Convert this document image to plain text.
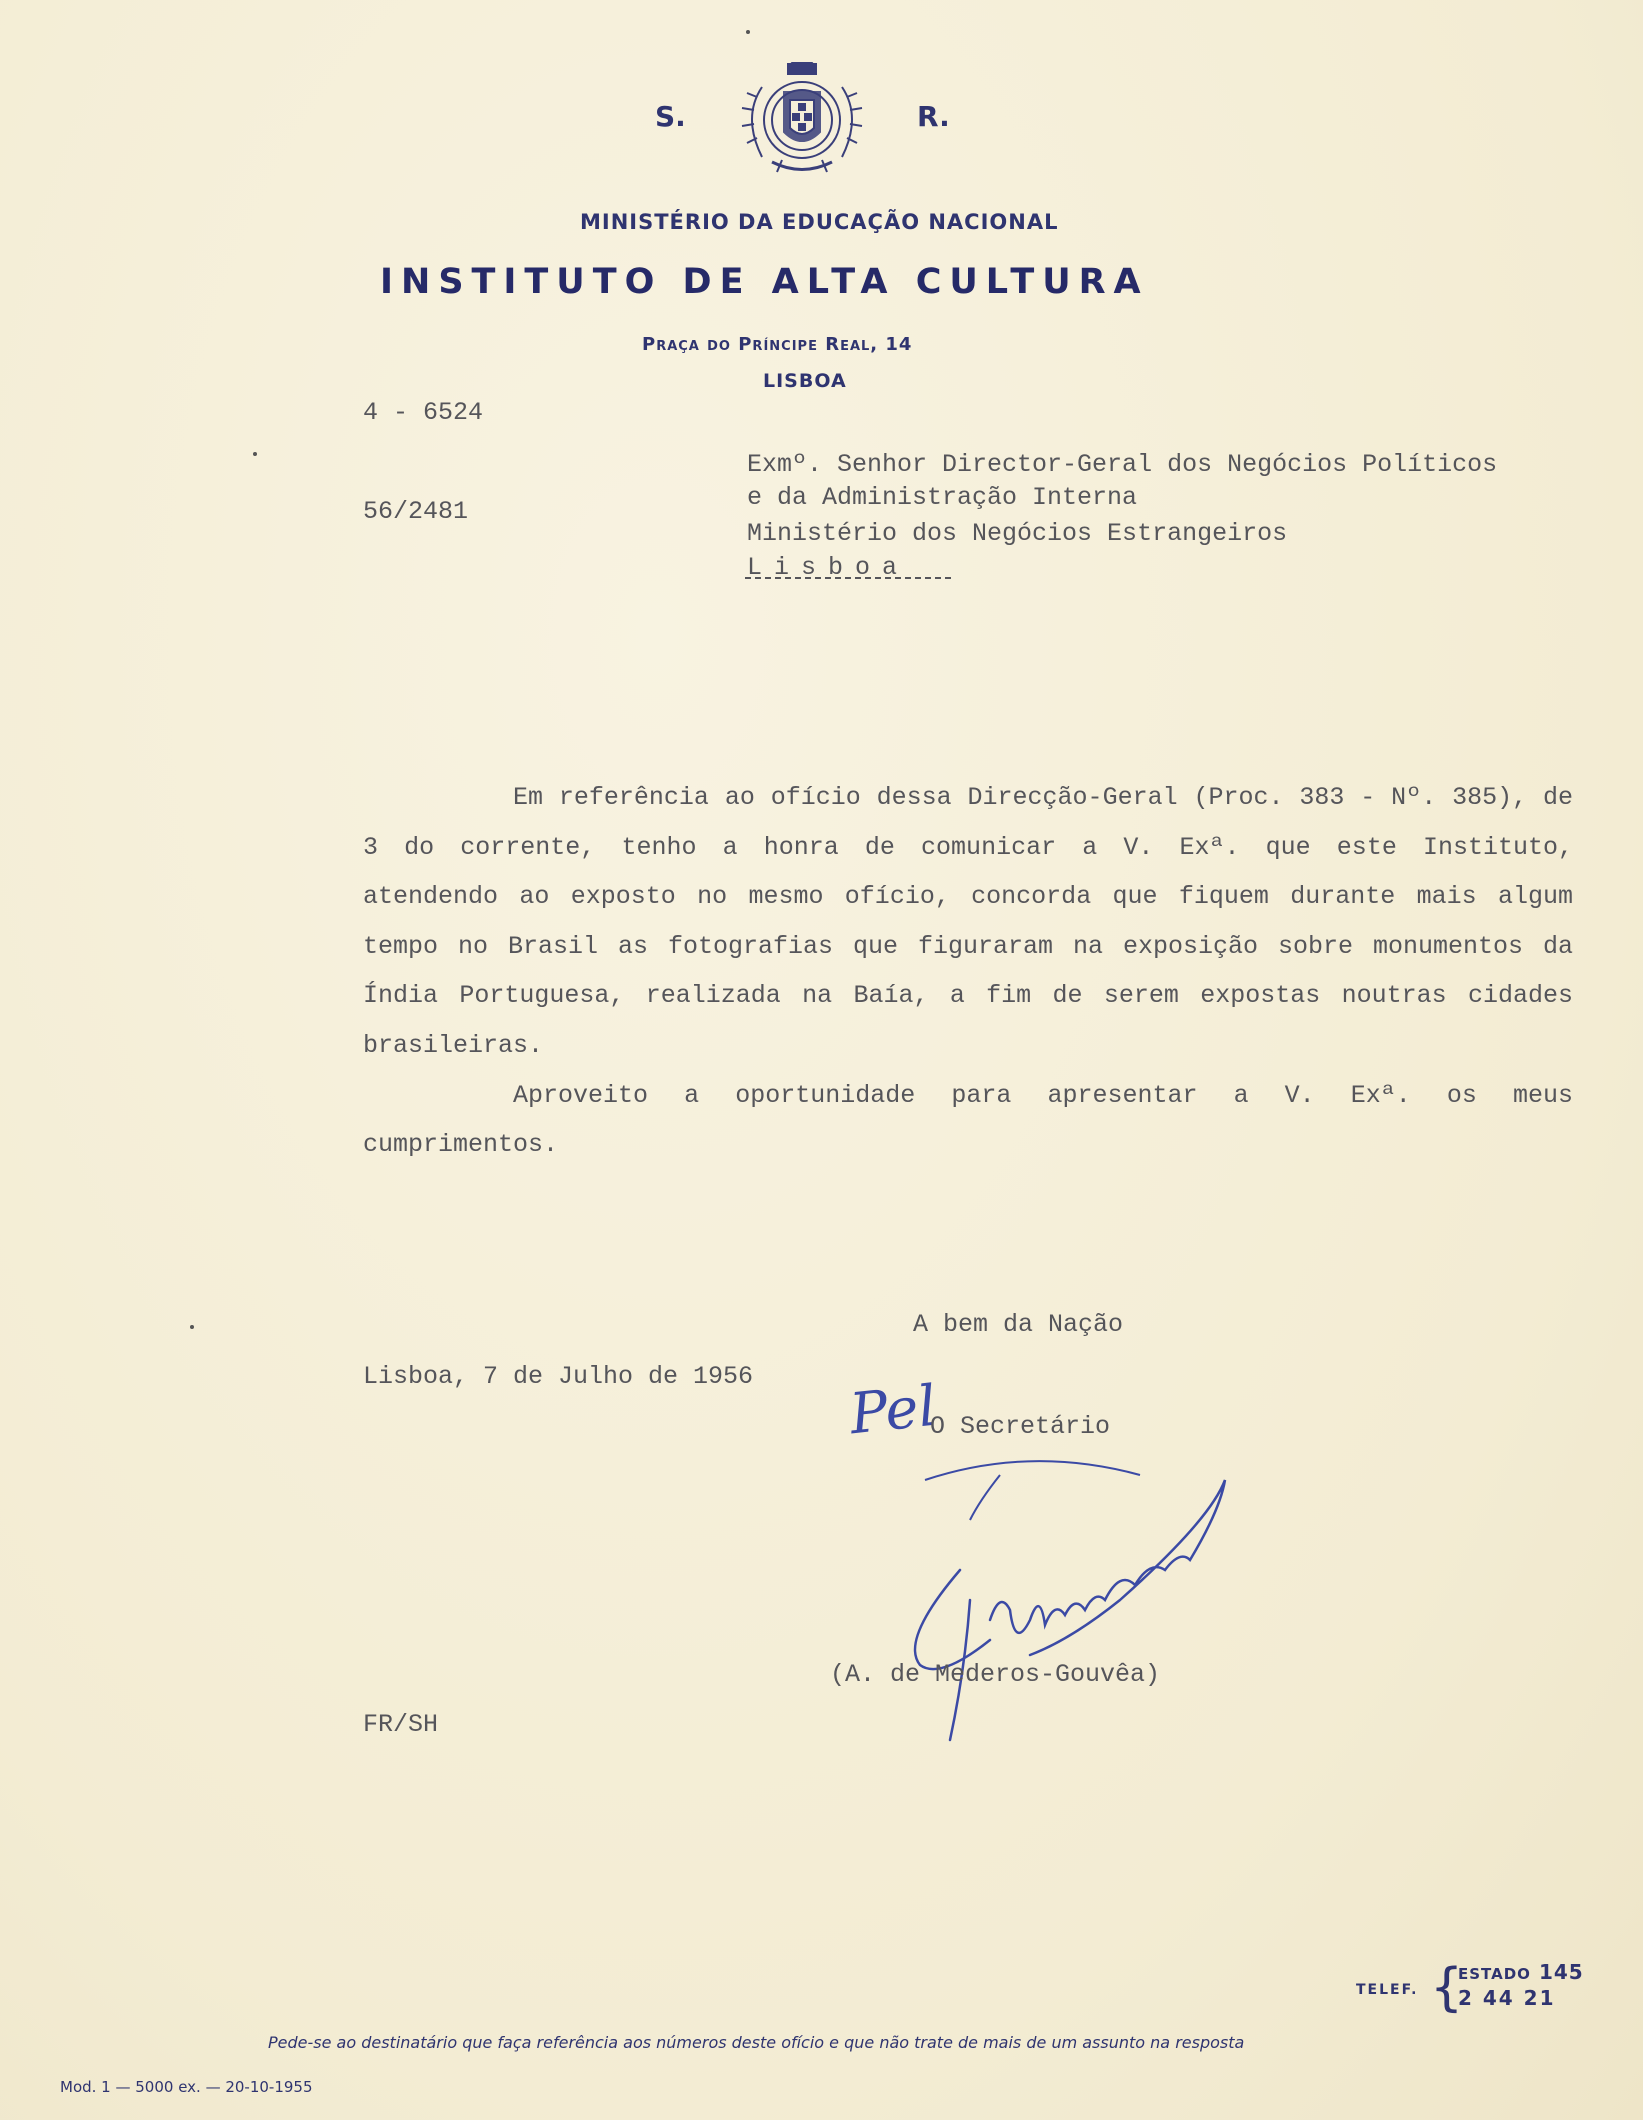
S.	R.
MINISTÉRIO DA EDUCAÇÃO NACIONAL
INSTITUTO DE ALTA CULTURA
Praça do Príncipe Real, 14
LISBOA
4 - 6524
56/2481
Exmº. Senhor Director-Geral dos Negócios Políticos
e da Administração Interna
Ministério dos Negócios Estrangeiros
Lisboa

Em referência ao ofício dessa Direcção-Geral (Proc. 383 - Nº. 385), de 3 do corrente, tenho a honra de comunicar a V. Exª. que este Instituto, atendendo ao exposto no mesmo ofício, concorda que fiquem durante mais algum tempo no Brasil as fotografias que figuraram na exposição sobre monumentos da Índia Portuguesa, realizada na Baía, a fim de serem expostas noutras cidades brasileiras.

Aproveito a oportunidade para apresentar a V. Exª. os meus cumprimentos.

A bem da Nação
Lisboa, 7 de Julho de 1956 Pel
O Secretário
(A. de Mederos-Gouvêa)
FR/SH
TELEF. {
ESTADO 145
2 44 21
Pede-se ao destinatário que faça referência aos números deste ofício e que não trate de mais de um assunto na resposta
Mod. 1 — 5000 ex. — 20-10-1955
